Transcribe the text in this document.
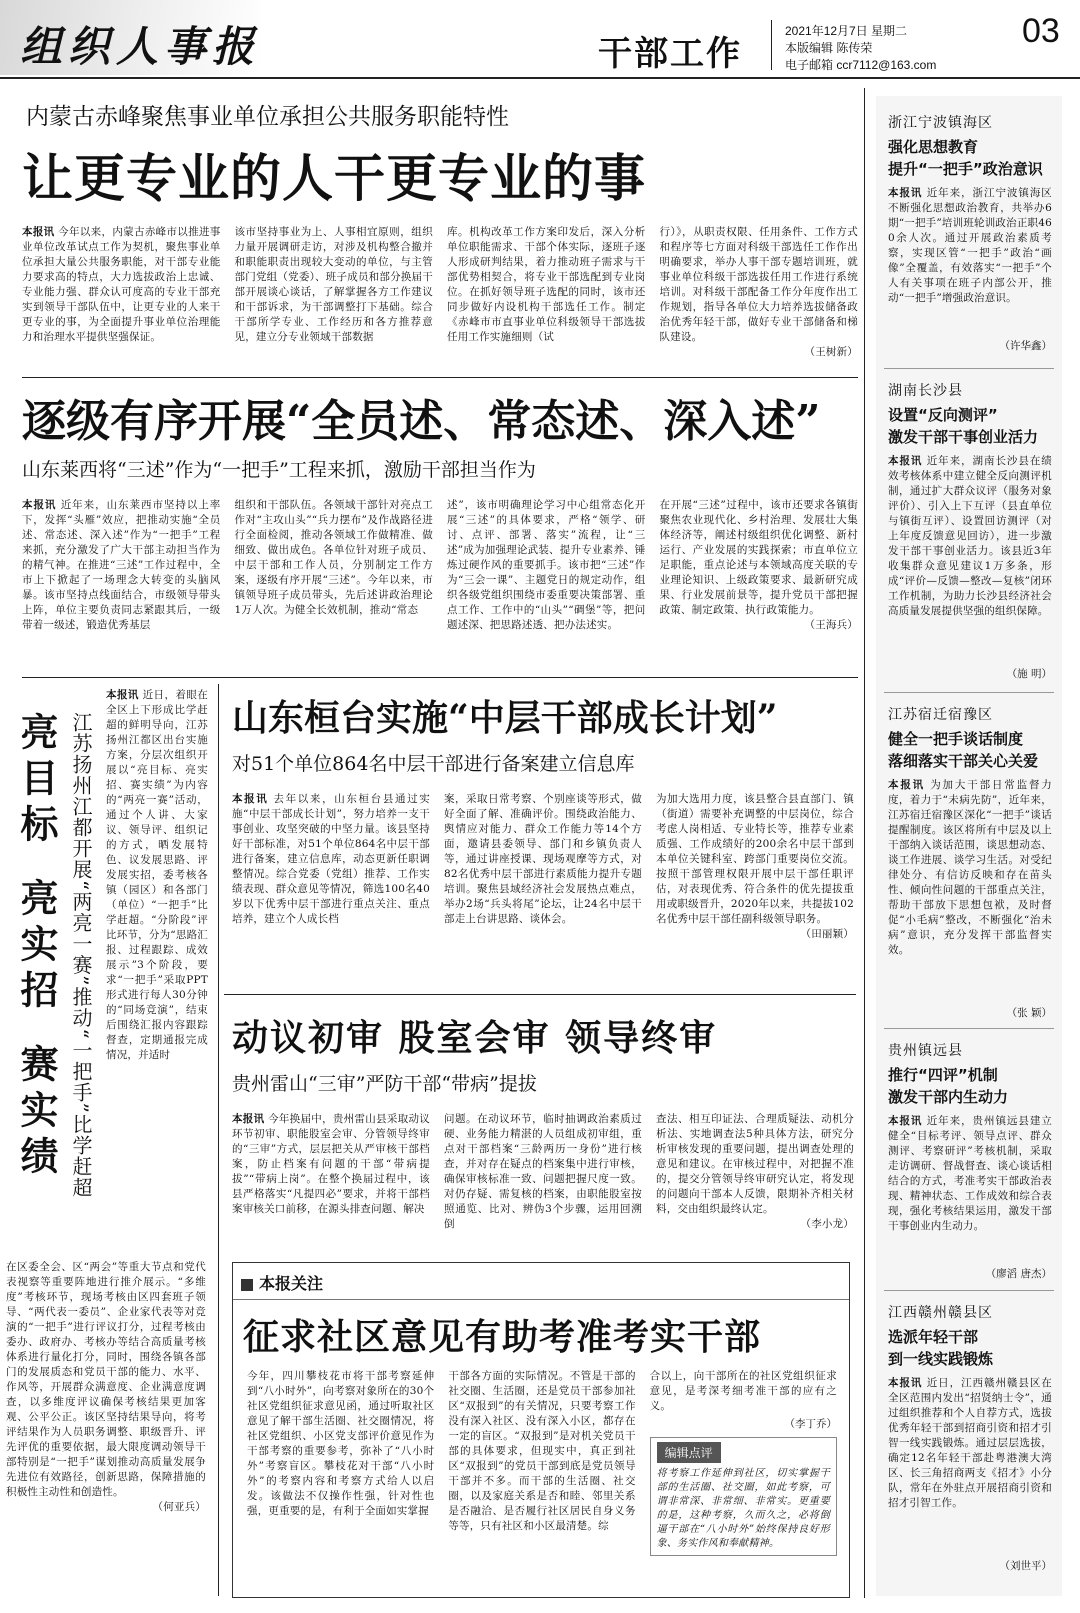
组织人事报	干部工作
2021年12月7日 星期二
本版编辑 陈传荣
电子邮箱 ccr7112@163.com
03

内蒙古赤峰聚焦事业单位承担公共服务职能特性

让更专业的人干更专业的事

本报讯 今年以来，内蒙古赤峰市以推进事业单位改革试点工作为契机，聚焦事业单位承担大量公共服务职能，对干部专业能力要求高的特点，大力选拔政治上忠诚、专业能力强、群众认可度高的专业干部充实到领导干部队伍中，让更专业的人来干更专业的事，为全面提升事业单位治理能力和治理水平提供坚强保证。

该市坚持事业为上、人事相宜原则，组织力量开展调研走访，对涉及机构整合撤并和职能职责出现较大变动的单位，与主管部门党组（党委）、班子成员和部分换届干部开展谈心谈话，了解掌握各方工作建议和干部诉求，为干部调整打下基础。综合干部所学专业、工作经历和各方推荐意见，建立分专业领域干部数据

库。机构改革工作方案印发后，深入分析单位职能需求、干部个体实际，逐班子逐人形成研判结果，着力推动班子需求与干部优势相契合，将专业干部选配到专业岗位。在抓好领导班子选配的同时，该市还同步做好内设机构干部选任工作。制定《赤峰市市直事业单位科级领导干部选拔任用工作实施细则（试

行）》，从职责权限、任用条件、工作方式和程序等七方面对科级干部选任工作作出明确要求，举办人事干部专题培训班，就事业单位科级干部选拔任用工作进行系统培训。对科级干部配备工作分年度作出工作规划，指导各单位大力培养选拔储备政治优秀年轻干部，做好专业干部储备和梯队建设。
（王树新）

逐级有序开展“全员述、常态述、深入述”

山东莱西将“三述”作为“一把手”工程来抓，激励干部担当作为

本报讯 近年来，山东莱西市坚持以上率下，发挥“头雁”效应，把推动实施“全员述、常态述、深入述”作为“一把手”工程来抓，充分激发了广大干部主动担当作为的精气神。在推进“三述”工作过程中，全市上下掀起了一场理念大转变的头脑风暴。该市坚持点线面结合，市级领导带头上阵，单位主要负责同志紧跟其后，一级带着一级述，锻造优秀基层

组织和干部队伍。各领域干部针对亮点工作对“主攻山头”“兵力摆布”及作战路径进行全面检阅，推动各领域工作做精准、做细致、做出成色。各单位针对班子成员、中层干部和工作人员，分别制定工作方案，逐级有序开展“三述”。今年以来，市镇领导班子成员带头，先后述讲政治理论1万人次。为健全长效机制，推动“常态

述”，该市明确理论学习中心组常态化开展“三述”的具体要求，严格“领学、研讨、点评、部署、落实”流程，让“三述”成为加强理论武装、提升专业素养、锤炼过硬作风的重要抓手。该市把“三述”作为“三会一课”、主题党日的规定动作，组织各级党组织围绕市委重要决策部署、重点工作、工作中的“山头”“碉堡”等，把问题述深、把思路述透、把办法述实。

在开展“三述”过程中，该市还要求各镇街聚焦农业现代化、乡村治理、发展壮大集体经济等，阐述村级组织优化调整、新村运行、产业发展的实践探索；市直单位立足职能，重点论述与本领域高度关联的专业理论知识、上级政策要求、最新研究成果、行业发展前景等，提升党员干部把握政策、制定政策、执行政策能力。
（王海兵）

亮目标亮实招赛实绩 江苏扬州江都开展“两亮一赛”推动“一把手”比学赶超

本报讯 近日，着眼在全区上下形成比学赶超的鲜明导向，江苏扬州江都区出台实施方案，分层次组织开展以“亮目标、亮实招、赛实绩”为内容的“两亮一赛”活动，通过个人讲、大家议、领导评、组织记的方式，晒发展特色、议发展思路、评发展实招，委考核各镇（园区）和各部门（单位）“一把手”比学赶超。“分阶段”评比环节，分为“思路汇报、过程跟踪、成效展示”3个阶段，要求“一把手”采取PPT形式进行每人30分钟的“同场竞演”，结束后围绕汇报内容跟踪督查，定期通报完成情况，并适时

在区委全会、区“两会”等重大节点和党代表视察等重要阵地进行推介展示。“多维度”考核环节，现场考核由区四套班子领导、“两代表一委员”、企业家代表等对竞演的“一把手”进行评议打分，过程考核由委办、政府办、考核办等结合高质量考核体系进行量化打分，同时，围绕各镇各部门的发展质态和党员干部的能力、水平、作风等，开展群众满意度、企业满意度调查，以多维度评议确保考核结果更加客观、公平公正。该区坚持结果导向，将考评结果作为人员职务调整、职级晋升、评先评优的重要依据，最大限度调动领导干部特别是“一把手”谋划推动高质量发展争先进位有效路径，创新思路，保障措施的积极性主动性和创造性。
（何亚兵）

山东桓台实施“中层干部成长计划”

对51个单位864名中层干部进行备案建立信息库

本报讯 去年以来，山东桓台县通过实施“中层干部成长计划”，努力培养一支干事创业、攻坚突破的中坚力量。该县坚持好干部标准，对51个单位864名中层干部进行备案，建立信息库，动态更新任职调整情况。综合党委（党组）推荐、工作实绩表现、群众意见等情况，筛选100名40岁以下优秀中层干部进行重点关注、重点培养，建立个人成长档

案，采取日常考察、个别座谈等形式，做好全面了解、准确评价。围绕政治能力、舆情应对能力、群众工作能力等14个方面，邀请县委领导、部门和乡镇负责人等，通过讲座授课、现场观摩等方式，对82名优秀中层干部进行素质能力提升专题培训。聚焦县域经济社会发展热点难点，举办2场“兵头将尾”论坛，让24名中层干部走上台讲思路、谈体会。

为加大选用力度，该县整合县直部门、镇（街道）需要补充调整的中层岗位，综合考虑人岗相适、专业特长等，推荐专业素质强、工作成绩好的200余名中层干部到本单位关键科室、跨部门重要岗位交流。按照干部管理权限开展中层干部任职评估，对表现优秀、符合条件的优先提拔重用或职级晋升，2020年以来，共提拔102名优秀中层干部任副科级领导职务。
（田丽颖）

动议初审 股室会审 领导终审

贵州雷山“三审”严防干部“带病”提拔

本报讯 今年换届中，贵州雷山县采取动议环节初审、职能股室会审、分管领导终审的“三审”方式，层层把关从严审核干部档案，防止档案有问题的干部“带病提拔”“带病上岗”。在整个换届过程中，该县严格落实“凡提四必”要求，并将干部档案审核关口前移，在源头排查问题、解决

问题。在动议环节，临时抽调政治素质过硬、业务能力精湛的人员组成初审组，重点对干部档案“三龄两历一身份”进行核查，并对存在疑点的档案集中进行审核，确保审核标准一致、问题把握尺度一致。对仍存疑、需复核的档案，由职能股室按照通览、比对、辨伪3个步骤，运用回溯倒

查法、相互印证法、合理质疑法、动机分析法、实地调查法5种具体方法，研究分析审核发现的重要问题，提出调查处理的意见和建议。在审核过程中，对把握不准的，提交分管领导终审研究认定，将发现的问题向干部本人反馈，限期补齐相关材料，交由组织最终认定。
（李小龙）

本报关注
征求社区意见有助考准考实干部

今年，四川攀枝花市将干部考察延伸到“八小时外”，向考察对象所在的30个社区党组织征求意见函，通过听取社区意见了解干部生活圈、社交圈情况，将社区党组织、小区党支部评价意见作为干部考察的重要参考，弥补了“八小时外”考察盲区。攀枝花对干部“八小时外”的考察内容和考察方式给人以启发。该做法不仅操作性强，针对性也强，更重要的是，有利于全面如实掌握

干部各方面的实际情况。不管是干部的社交圈、生活圈，还是党员干部参加社区“双报到”的有关情况，只要考察工作没有深入社区、没有深入小区，都存在一定的盲区。“双报到”是对机关党员干部的具体要求，但现实中，真正到社区“双报到”的党员干部到底是党员领导干部并不多。而干部的生活圈、社交圈，以及家庭关系是否和睦、邻里关系是否融洽、是否履行社区居民自身义务等等，只有社区和小区最清楚。综

合以上，向干部所在的社区党组织征求意见，是考深考细考准干部的应有之义。

（李丁乔）

编辑点评

将考察工作延伸到社区，切实掌握干部的生活圈、社交圈，如此考察，可谓非常深、非常细、非常实。更重要的是，这种考察，久而久之，必将倒逼干部在“八小时外”始终保持良好形象、务实作风和奉献精神。

浙江宁波镇海区

强化思想教育
提升“一把手”政治意识

本报讯 近年来，浙江宁波镇海区不断强化思想政治教育，共举办6期“一把手”培训班轮训政治正职460余人次。通过开展政治素质考察，实现区管“一把手”政治“画像”全覆盖，有效落实“一把手”个人有关事项在班子内部公开，推动“一把手”增强政治意识。

（许华鑫）

湖南长沙县

设置“反向测评”
激发干部干事创业活力

本报讯 近年来，湖南长沙县在绩效考核体系中建立健全反向测评机制，通过扩大群众议评（服务对象评价）、引入上下互评（县直单位与镇街互评）、设置回访测评（对上年度反馈意见回访），进一步激发干部干事创业活力。该县近3年收集群众意见建议1万多条，形成“评价—反馈—整改—复核”闭环工作机制，为助力长沙县经济社会高质量发展提供坚强的组织保障。

（施 明）

江苏宿迁宿豫区

健全一把手谈话制度
落细落实干部关心关爱

本报讯 为加大干部日常监督力度，着力于“未病先防”，近年来，江苏宿迁宿豫区深化“一把手”谈话提醒制度。该区将所有中层及以上干部纳入谈话范围，谈思想动态、谈工作进展、谈学习生活。对受纪律处分、有信访反映和存在苗头性、倾向性问题的干部重点关注，帮助干部放下思想包袱，及时督促“小毛病”整改，不断强化“治未病”意识，充分发挥干部监督实效。

（张 颖）

贵州镇远县

推行“四评”机制
激发干部内生动力

本报讯 近年来，贵州镇远县建立健全“目标考评、领导点评、群众测评、考察研评”考核机制，采取走访调研、督战督查、谈心谈话相结合的方式，考准考实干部政治表现、精神状态、工作成效和综合表现，强化考核结果运用，激发干部干事创业内生动力。

（廖滔 唐杰）

江西赣州赣县区

选派年轻干部
到一线实践锻炼

本报讯 近日，江西赣州赣县区在全区范围内发出“招贤纳士令”，通过组织推荐和个人自荐方式，选拔优秀年轻干部到招商引资和招才引智一线实践锻炼。通过层层选拔，确定12名年轻干部赴粤港澳大湾区、长三角招商两支《招才》小分队，常年在外驻点开展招商引资和招才引智工作。

（刘世平）
